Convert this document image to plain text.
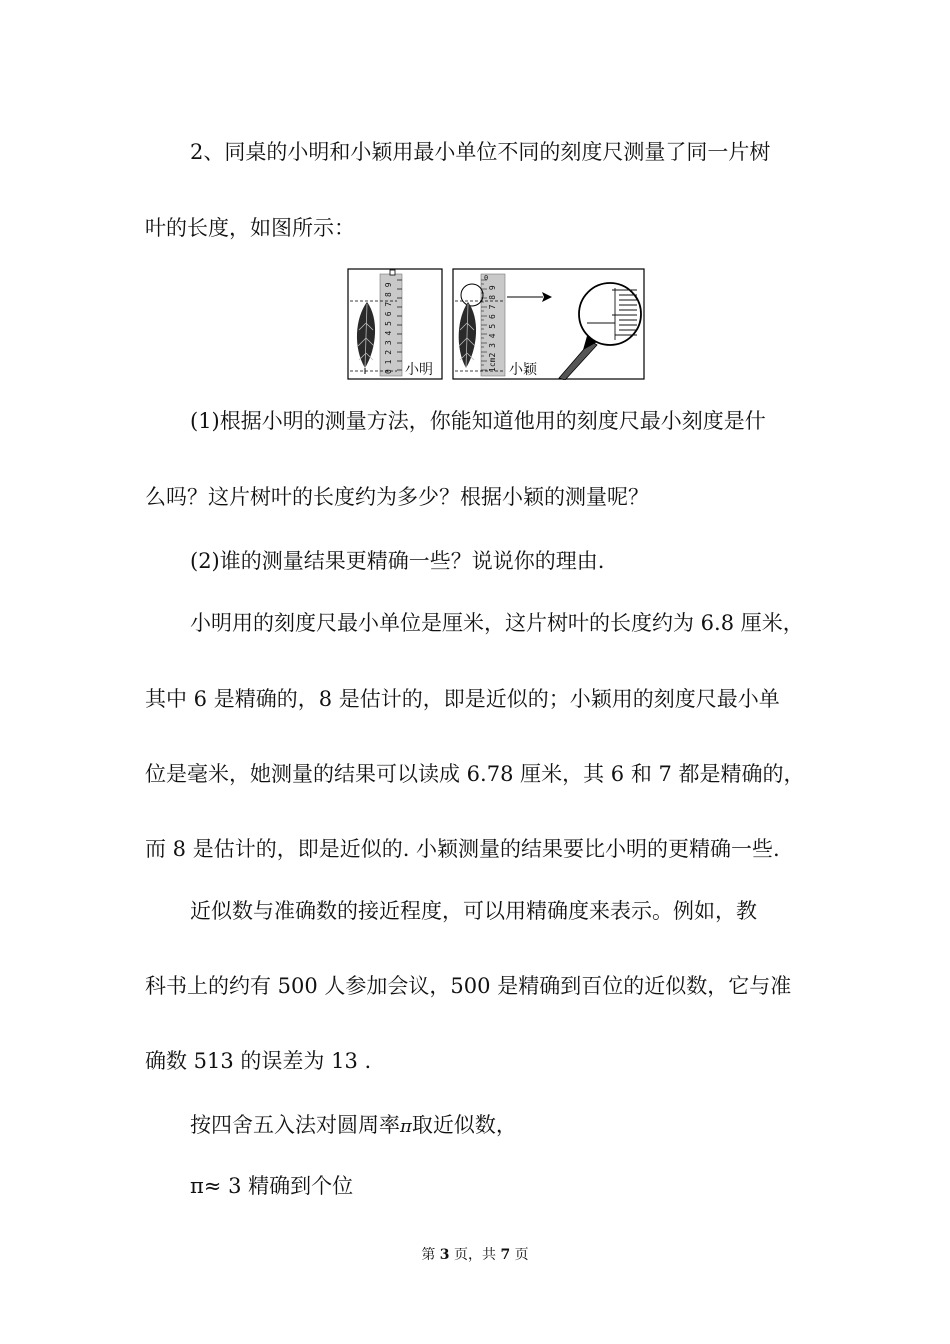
2、同桌的小明和小颖用最小单位不同的刻度尺测量了同一片树
叶的长度，如图所示：
0 1 2 3 4 5 6 7 8 9 小明	1cm2 3 4 5 6 7 8 9
0
小颖
(1)根据小明的测量方法，你能知道他用的刻度尺最小刻度是什
么吗？这片树叶的长度约为多少？根据小颖的测量呢？
(2)谁的测量结果更精确一些？说说你的理由.
小明用的刻度尺最小单位是厘米，这片树叶的长度约为 6.8 厘米，
其中 6 是精确的，8 是估计的，即是近似的；小颖用的刻度尺最小单
位是毫米，她测量的结果可以读成 6.78 厘米，其 6 和 7 都是精确的，
而 8 是估计的，即是近似的. 小颖测量的结果要比小明的更精确一些.
近似数与准确数的接近程度，可以用精确度来表示。例如，教
科书上的约有 500 人参加会议，500 是精确到百位的近似数，它与准
确数 513 的误差为 13 .
按四舍五入法对圆周率π取近似数，
π≈ 3 精确到个位
第 3 页，共 7 页
